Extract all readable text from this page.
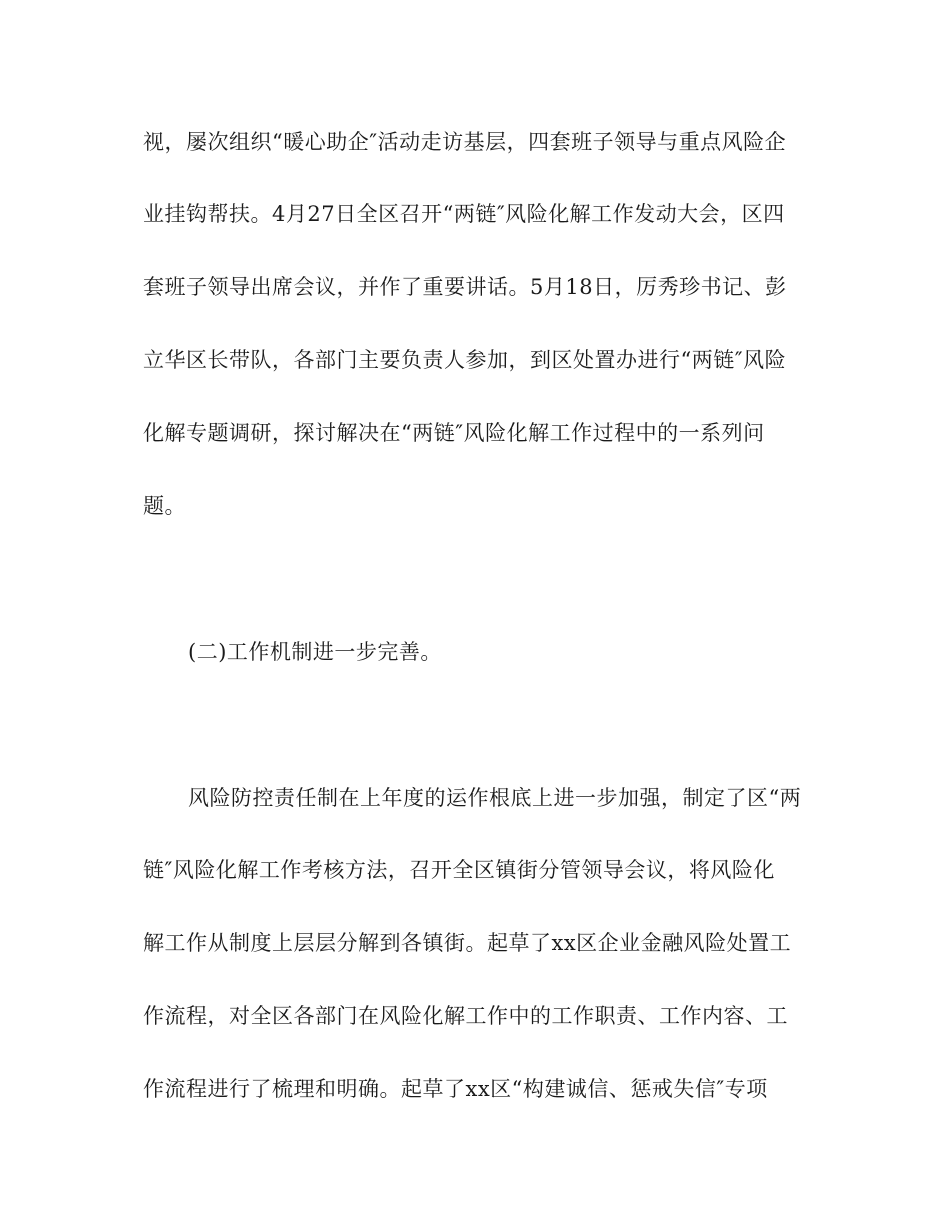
视，屡次组织“暖心助企″活动走访基层，四套班子领导与重点风险企
业挂钩帮扶。4月27日全区召开“两链″风险化解工作发动大会，区四
套班子领导出席会议，并作了重要讲话。5月18日，厉秀珍书记、彭
立华区长带队，各部门主要负责人参加，到区处置办进行“两链″风险
化解专题调研，探讨解决在“两链″风险化解工作过程中的一系列问
题。
(二)工作机制进一步完善。
风险防控责任制在上年度的运作根底上进一步加强，制定了区“两
链″风险化解工作考核方法，召开全区镇街分管领导会议，将风险化
解工作从制度上层层分解到各镇街。起草了xx区企业金融风险处置工
作流程，对全区各部门在风险化解工作中的工作职责、工作内容、工
作流程进行了梳理和明确。起草了xx区“构建诚信、惩戒失信″专项
